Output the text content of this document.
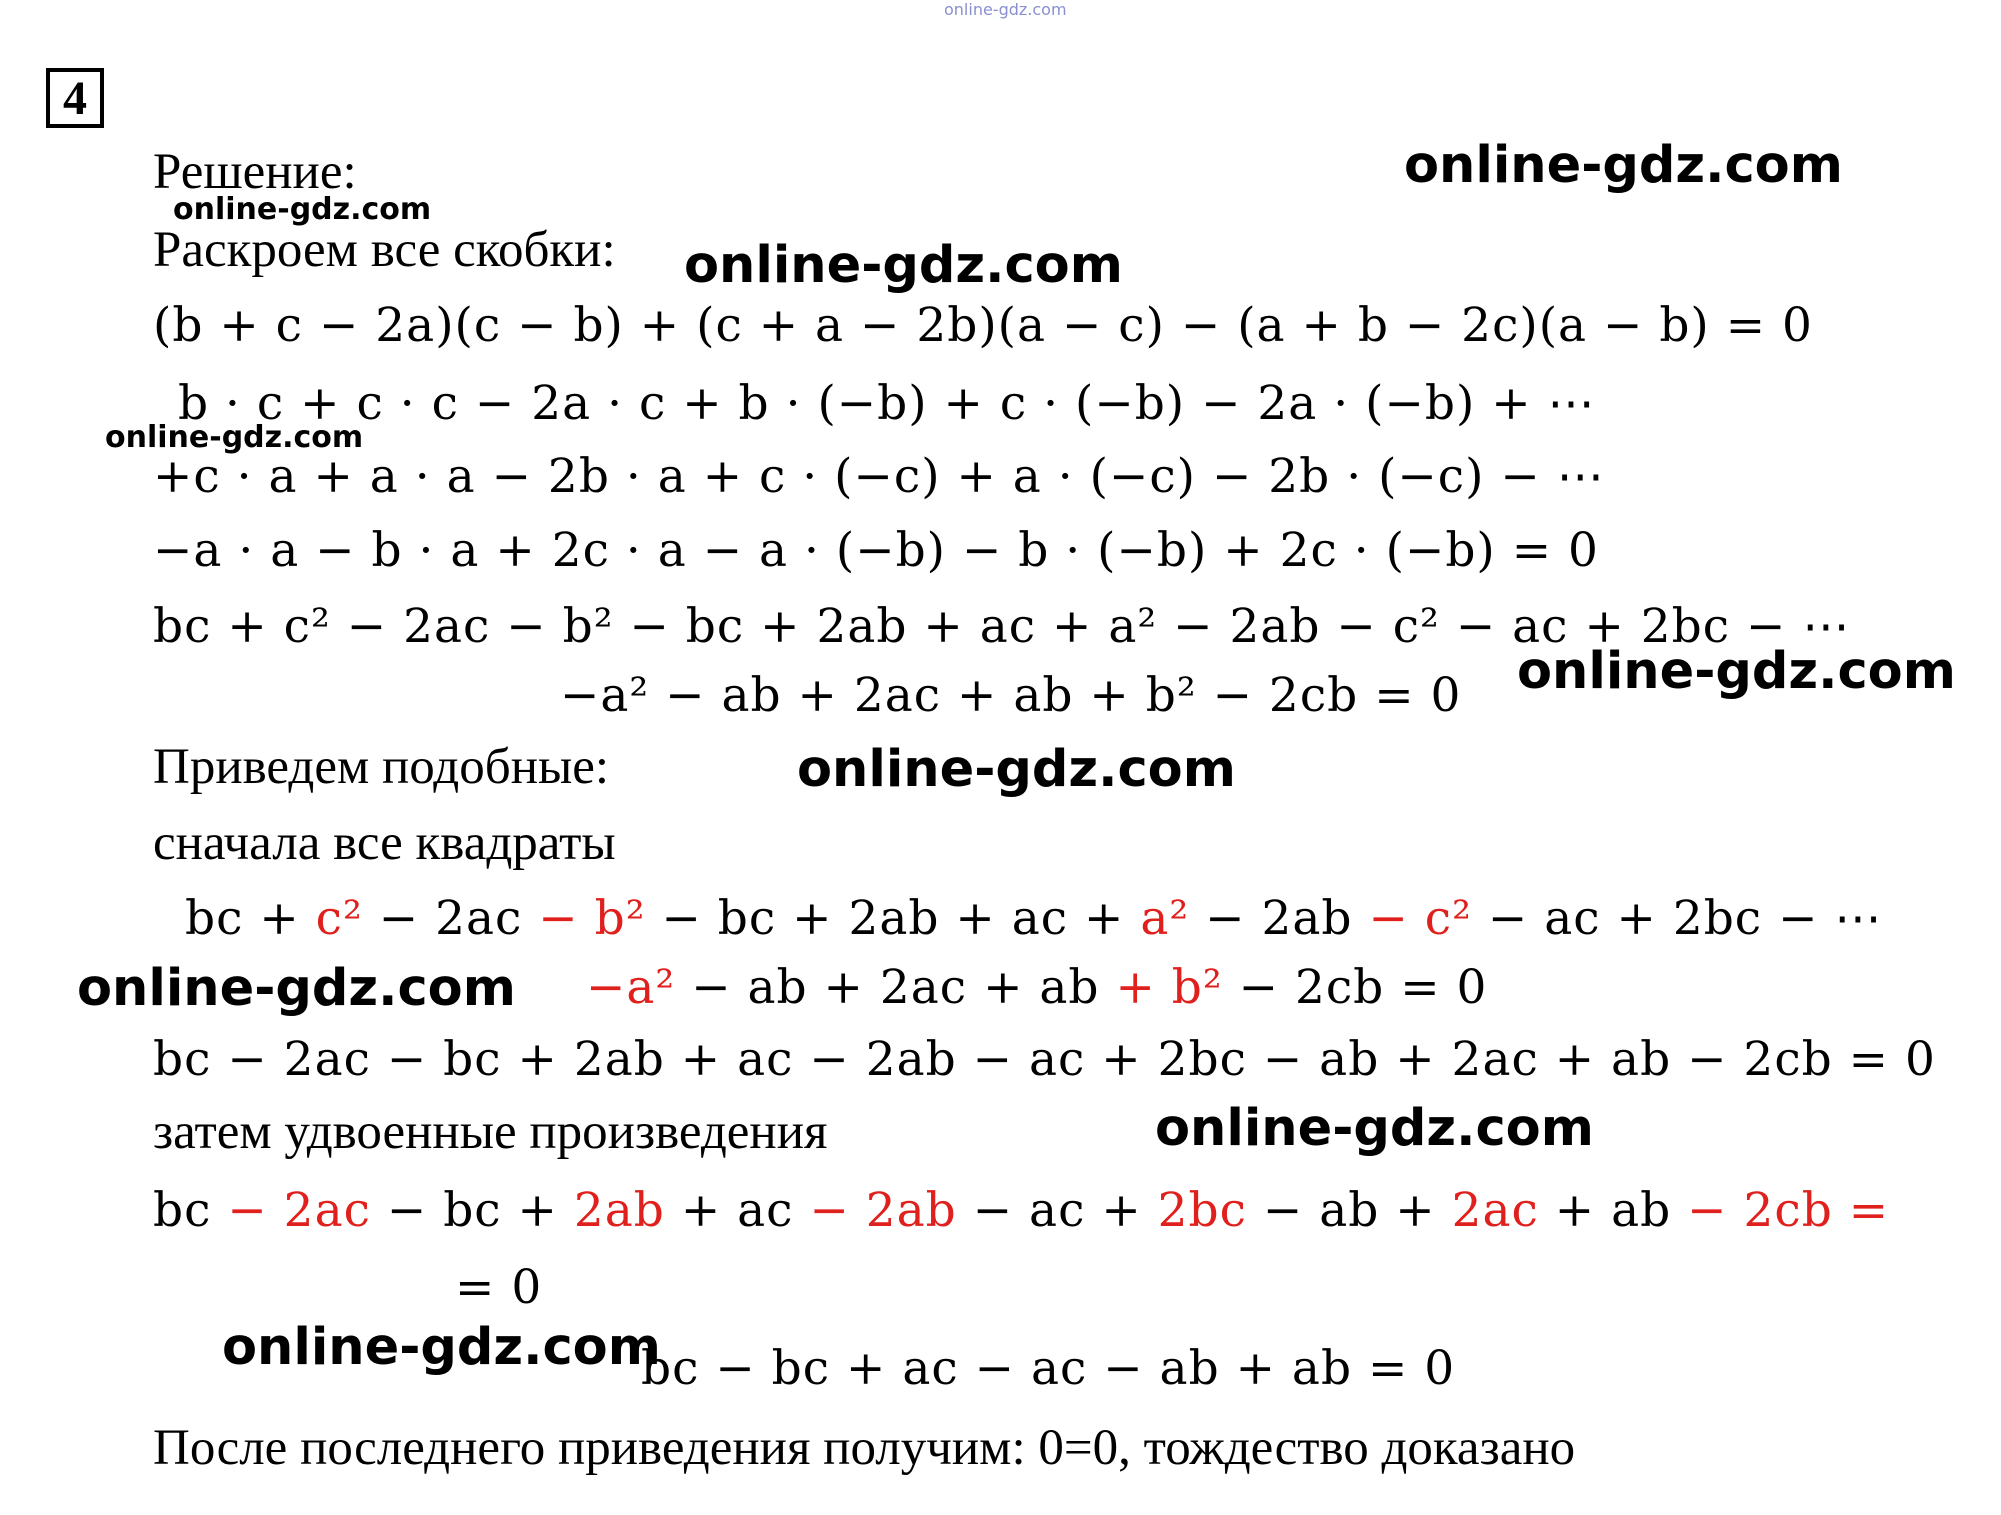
online-gdz.com
4
Решение:
Раскроем все скобки:
(b + c − 2a)(c − b) + (c + a − 2b)(a − c) − (a + b − 2c)(a − b) = 0
b · c + c · c − 2a · c + b · (−b) + c · (−b) − 2a · (−b) + ⋯
+c · a + a · a − 2b · a + c · (−c) + a · (−c) − 2b · (−c) − ⋯
−a · a − b · a + 2c · a − a · (−b) − b · (−b) + 2c · (−b) = 0
bc + c² − 2ac − b² − bc + 2ab + ac + a² − 2ab − c² − ac + 2bc − ⋯
−a² − ab + 2ac + ab + b² − 2cb = 0
Приведем подобные:
сначала все квадраты
bc + c² − 2ac − b² − bc + 2ab + ac + a² − 2ab − c² − ac + 2bc − ⋯
−a² − ab + 2ac + ab + b² − 2cb = 0
bc − 2ac − bc + 2ab + ac − 2ab − ac + 2bc − ab + 2ac + ab − 2cb = 0
затем удвоенные произведения
bc − 2ac − bc + 2ab + ac − 2ab − ac + 2bc − ab + 2ac + ab − 2cb =
= 0
bc − bc + ac − ac − ab + ab = 0
После последнего приведения получим: 0=0, тождество доказано
online-gdz.com
online-gdz.com
online-gdz.com
online-gdz.com
online-gdz.com
online-gdz.com
online-gdz.com
online-gdz.com
online-gdz.com
